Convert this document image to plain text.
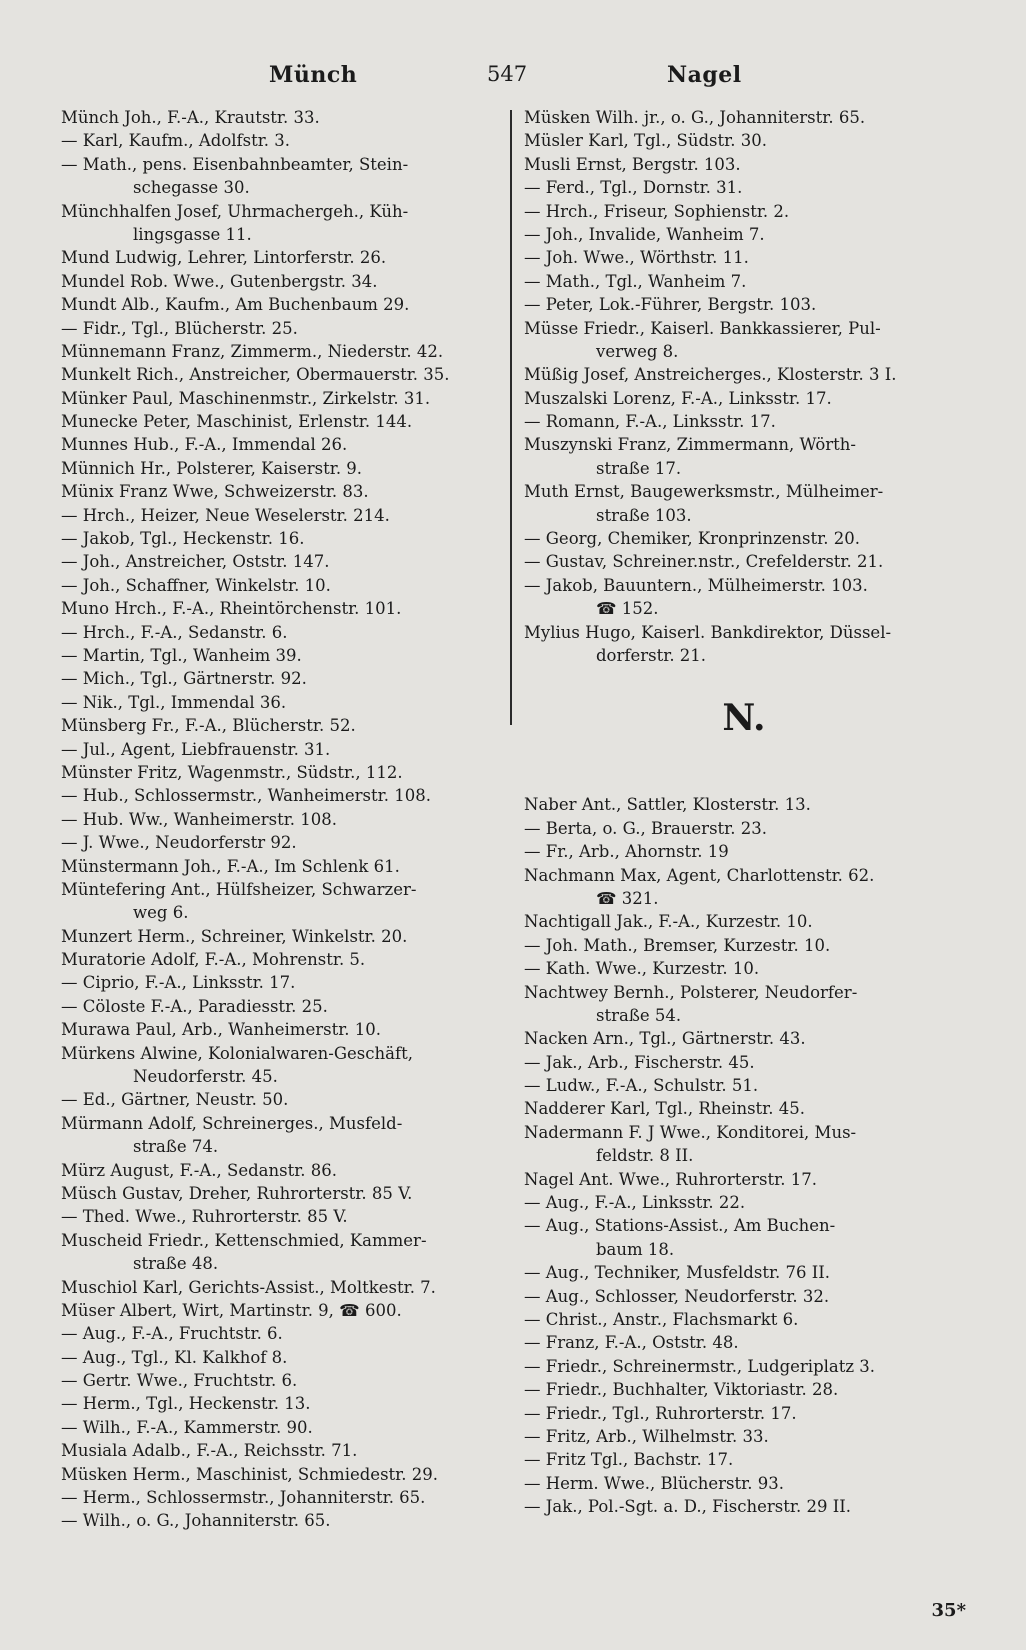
Münch	547	Nagel
Münch Joh., F.-A., Krautstr. 33.
— Karl, Kaufm., Adolfstr. 3.
— Math., pens. Eisenbahnbeamter, Stein-
schegasse 30.
Münchhalfen Josef, Uhrmachergeh., Küh-
lingsgasse 11.
Mund Ludwig, Lehrer, Lintorferstr. 26.
Mundel Rob. Wwe., Gutenbergstr. 34.
Mundt Alb., Kaufm., Am Buchenbaum 29.
— Fidr., Tgl., Blücherstr. 25.
Münnemann Franz, Zimmerm., Niederstr. 42.
Munkelt Rich., Anstreicher, Obermauerstr. 35.
Münker Paul, Maschinenmstr., Zirkelstr. 31.
Munecke Peter, Maschinist, Erlenstr. 144.
Munnes Hub., F.-A., Immendal 26.
Münnich Hr., Polsterer, Kaiserstr. 9.
Münix Franz Wwe, Schweizerstr. 83.
— Hrch., Heizer, Neue Weselerstr. 214.
— Jakob, Tgl., Heckenstr. 16.
— Joh., Anstreicher, Oststr. 147.
— Joh., Schaffner, Winkelstr. 10.
Muno Hrch., F.-A., Rheintörchenstr. 101.
— Hrch., F.-A., Sedanstr. 6.
— Martin, Tgl., Wanheim 39.
— Mich., Tgl., Gärtnerstr. 92.
— Nik., Tgl., Immendal 36.
Münsberg Fr., F.-A., Blücherstr. 52.
— Jul., Agent, Liebfrauenstr. 31.
Münster Fritz, Wagenmstr., Südstr., 112.
— Hub., Schlossermstr., Wanheimerstr. 108.
— Hub. Ww., Wanheimerstr. 108.
— J. Wwe., Neudorferstr 92.
Münstermann Joh., F.-A., Im Schlenk 61.
Müntefering Ant., Hülfsheizer, Schwarzer-
weg 6.
Munzert Herm., Schreiner, Winkelstr. 20.
Muratorie Adolf, F.-A., Mohrenstr. 5.
— Ciprio, F.-A., Linksstr. 17.
— Cöloste F.-A., Paradiesstr. 25.
Murawa Paul, Arb., Wanheimerstr. 10.
Mürkens Alwine, Kolonialwaren-Geschäft,
Neudorferstr. 45.
— Ed., Gärtner, Neustr. 50.
Mürmann Adolf, Schreinerges., Musfeld-
straße 74.
Mürz August, F.-A., Sedanstr. 86.
Müsch Gustav, Dreher, Ruhrorterstr. 85 V.
— Thed. Wwe., Ruhrorterstr. 85 V.
Muscheid Friedr., Kettenschmied, Kammer-
straße 48.
Muschiol Karl, Gerichts-Assist., Moltkestr. 7.
Müser Albert, Wirt, Martinstr. 9, ☎ 600.
— Aug., F.-A., Fruchtstr. 6.
— Aug., Tgl., Kl. Kalkhof 8.
— Gertr. Wwe., Fruchtstr. 6.
— Herm., Tgl., Heckenstr. 13.
— Wilh., F.-A., Kammerstr. 90.
Musiala Adalb., F.-A., Reichsstr. 71.
Müsken Herm., Maschinist, Schmiedestr. 29.
— Herm., Schlossermstr., Johanniterstr. 65.
— Wilh., o. G., Johanniterstr. 65.
Müsken Wilh. jr., o. G., Johanniterstr. 65.
Müsler Karl, Tgl., Südstr. 30.
Musli Ernst, Bergstr. 103.
— Ferd., Tgl., Dornstr. 31.
— Hrch., Friseur, Sophienstr. 2.
— Joh., Invalide, Wanheim 7.
— Joh. Wwe., Wörthstr. 11.
— Math., Tgl., Wanheim 7.
— Peter, Lok.-Führer, Bergstr. 103.
Müsse Friedr., Kaiserl. Bankkassierer, Pul-
verweg 8.
Müßig Josef, Anstreicherges., Klosterstr. 3 I.
Muszalski Lorenz, F.-A., Linksstr. 17.
— Romann, F.-A., Linksstr. 17.
Muszynski Franz, Zimmermann, Wörth-
straße 17.
Muth Ernst, Baugewerksmstr., Mülheimer-
straße 103.
— Georg, Chemiker, Kronprinzenstr. 20.
— Gustav, Schreiner.nstr., Crefelderstr. 21.
— Jakob, Bauuntern., Mülheimerstr. 103.
☎ 152.
Mylius Hugo, Kaiserl. Bankdirektor, Düssel-
dorferstr. 21.
N.
Naber Ant., Sattler, Klosterstr. 13.
— Berta, o. G., Brauerstr. 23.
— Fr., Arb., Ahornstr. 19
Nachmann Max, Agent, Charlottenstr. 62.
☎ 321.
Nachtigall Jak., F.-A., Kurzestr. 10.
— Joh. Math., Bremser, Kurzestr. 10.
— Kath. Wwe., Kurzestr. 10.
Nachtwey Bernh., Polsterer, Neudorfer-
straße 54.
Nacken Arn., Tgl., Gärtnerstr. 43.
— Jak., Arb., Fischerstr. 45.
— Ludw., F.-A., Schulstr. 51.
Nadderer Karl, Tgl., Rheinstr. 45.
Nadermann F. J Wwe., Konditorei, Mus-
feldstr. 8 II.
Nagel Ant. Wwe., Ruhrorterstr. 17.
— Aug., F.-A., Linksstr. 22.
— Aug., Stations-Assist., Am Buchen-
baum 18.
— Aug., Techniker, Musfeldstr. 76 II.
— Aug., Schlosser, Neudorferstr. 32.
— Christ., Anstr., Flachsmarkt 6.
— Franz, F.-A., Oststr. 48.
— Friedr., Schreinermstr., Ludgeriplatz 3.
— Friedr., Buchhalter, Viktoriastr. 28.
— Friedr., Tgl., Ruhrorterstr. 17.
— Fritz, Arb., Wilhelmstr. 33.
— Fritz Tgl., Bachstr. 17.
— Herm. Wwe., Blücherstr. 93.
— Jak., Pol.-Sgt. a. D., Fischerstr. 29 II.
35*
